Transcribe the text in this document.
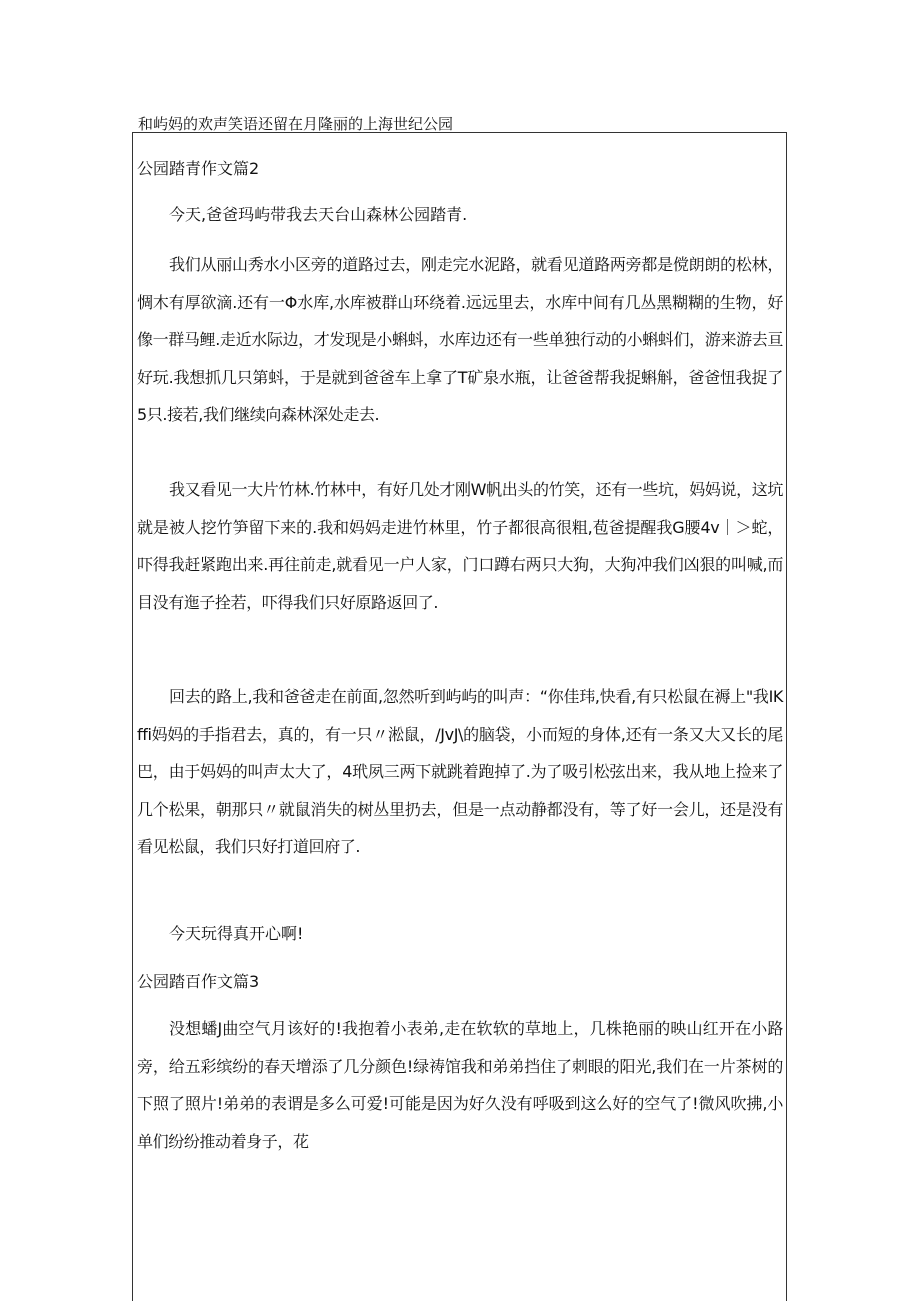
和屿妈的欢声笑语还留在月隆丽的上海世纪公园
公园踏青作文篇2
今天,爸爸玛屿带我去天台山森林公园踏青.
我们从丽山秀水小区旁的道路过去，刚走完水泥路，就看见道路两旁都是傥朗朗的松林，惆木有厚欲滴.还有一Φ水库,水库被群山环绕着.远远里去，水库中间有几丛黑糊糊的生物，好像一群马鲤.走近水际边，才发现是小蝌蚪，水库边还有一些单独行动的小蝌蚪们，游来游去亘好玩.我想抓几只第蚪，于是就到爸爸车上拿了T矿泉水瓶，让爸爸帮我捉蝌斛，爸爸忸我捉了5只.接若,我们继续向森林深处走去.
我又看见一大片竹林.竹林中，有好几处才刚W帆出头的竹笑，还有一些坑，妈妈说，这坑就是被人挖竹笋留下来的.我和妈妈走进竹林里，竹子都很高很粗,苞爸提醒我G腰4v｜＞蛇，吓得我赶紧跑出来.再往前走,就看见一户人家，门口蹲右两只大狗，大狗冲我们凶狠的叫喊,而目没有迤子拴若，吓得我们只好原路返回了.
回去的路上,我和爸爸走在前面,忽然听到屿屿的叫声：“你佳玮,快看,有只松鼠在褥上"我IKffi妈妈的手指君去，真的，有一只〃淞鼠，/JvJ\的脑袋，小而短的身体,还有一条又大又长的尾巴，由于妈妈的叫声太大了，4玳夙三两下就跳着跑掉了.为了吸引松弦出来，我从地上捡来了几个松果，朝那只〃就鼠消失的树丛里扔去，但是一点动静都没有，等了好一会儿，还是没有看见松鼠，我们只好打道回府了.
今天玩得真开心啊!
公园踏百作文篇3
没想蟠J曲空气月该好的!我抱着小表弟,走在软软的草地上，几株艳丽的映山红开在小路旁，给五彩缤纷的春天增添了几分颜色!绿祷馆我和弟弟挡住了刺眼的阳光,我们在一片茶树的下照了照片!弟弟的表谓是多么可爱!可能是因为好久没有呼吸到这么好的空气了!微风吹拂,小单们纷纷推动着身子，花
